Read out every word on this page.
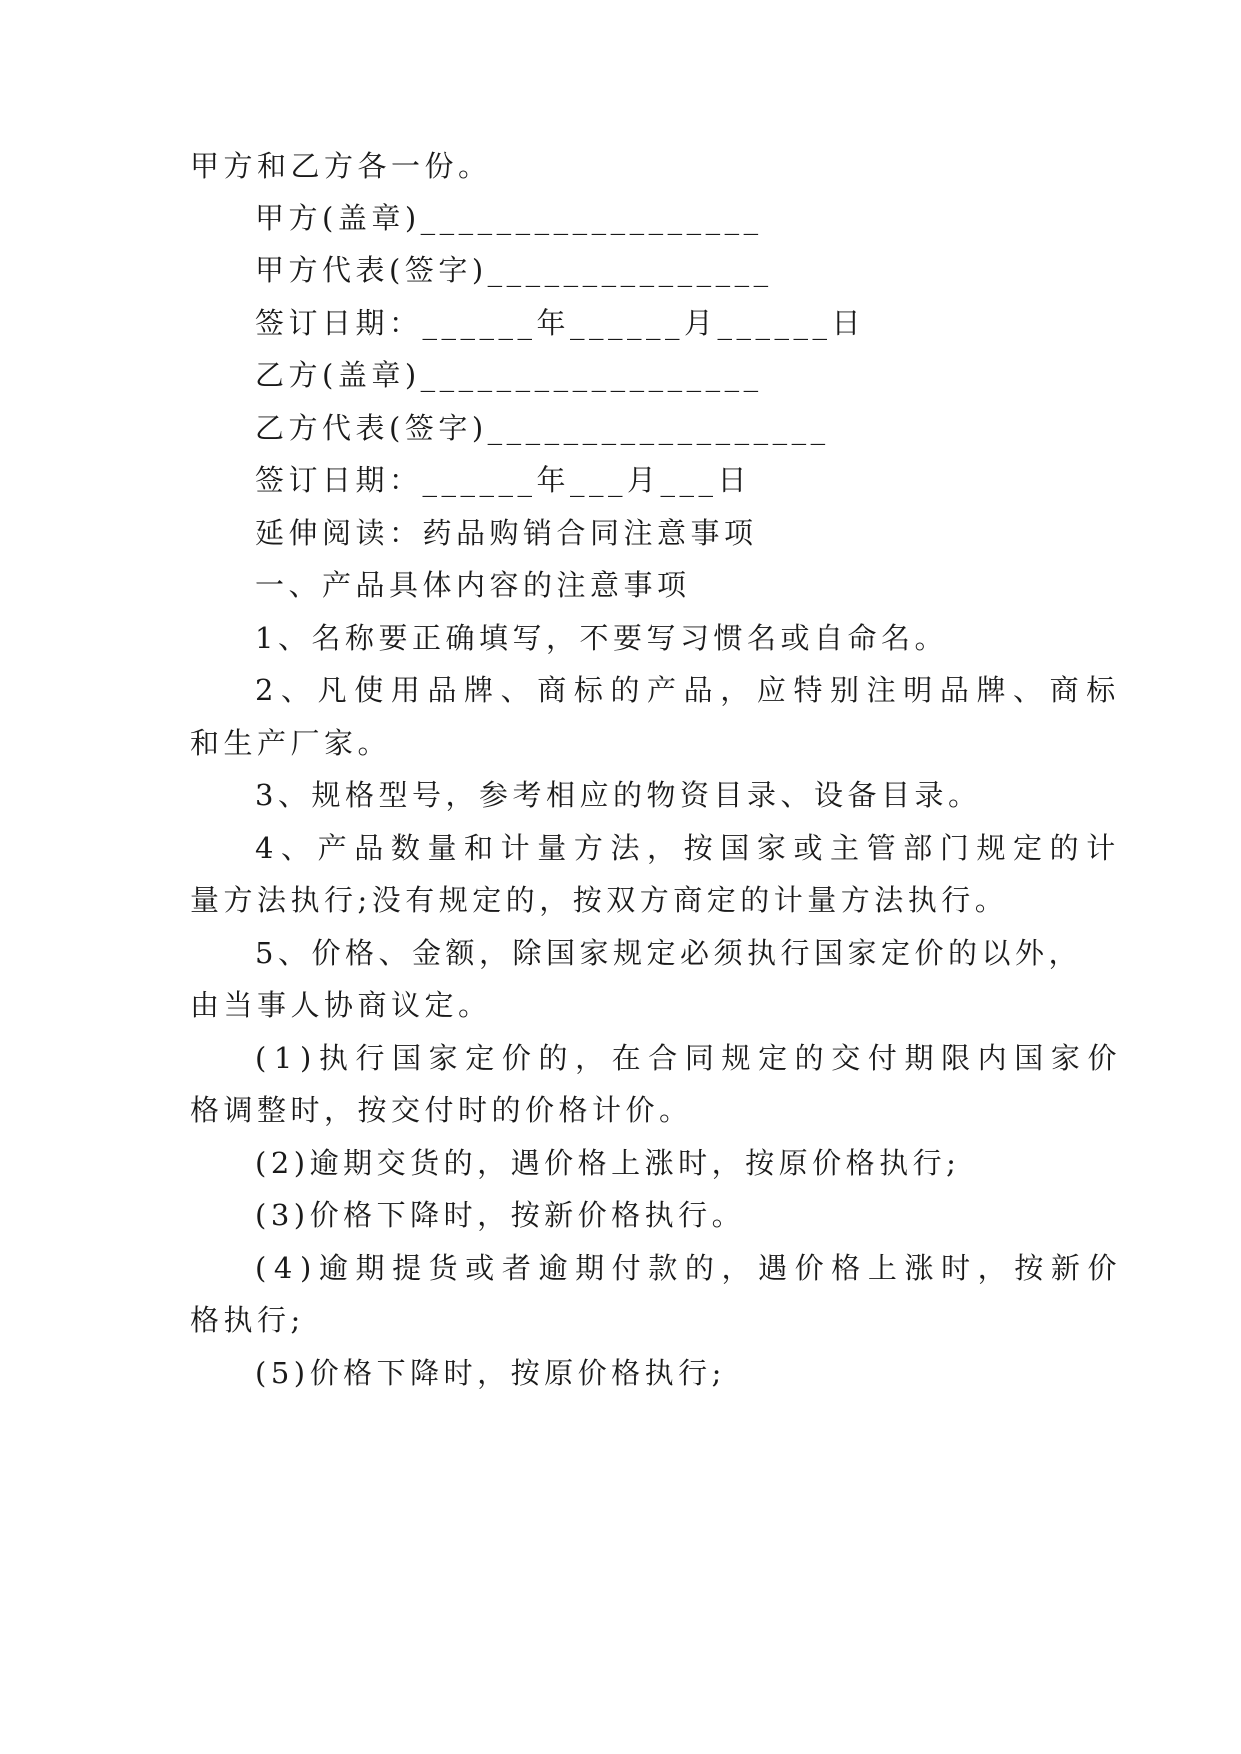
甲方和乙方各一份。
甲方(盖章)__________________
甲方代表(签字)_______________
签订日期：______年______月______日
乙方(盖章)__________________
乙方代表(签字)__________________
签订日期：______年___月___日
延伸阅读：药品购销合同注意事项
一、产品具体内容的注意事项
1、名称要正确填写，不要写习惯名或自命名。
2、凡使用品牌、商标的产品，应特别注明品牌、商标
和生产厂家。
3、规格型号，参考相应的物资目录、设备目录。
4、产品数量和计量方法，按国家或主管部门规定的计
量方法执行;没有规定的，按双方商定的计量方法执行。
5、价格、金额，除国家规定必须执行国家定价的以外，
由当事人协商议定。
(1)执行国家定价的，在合同规定的交付期限内国家价
格调整时，按交付时的价格计价。
(2)逾期交货的，遇价格上涨时，按原价格执行;
(3)价格下降时，按新价格执行。
(4)逾期提货或者逾期付款的，遇价格上涨时，按新价
格执行;
(5)价格下降时，按原价格执行;
